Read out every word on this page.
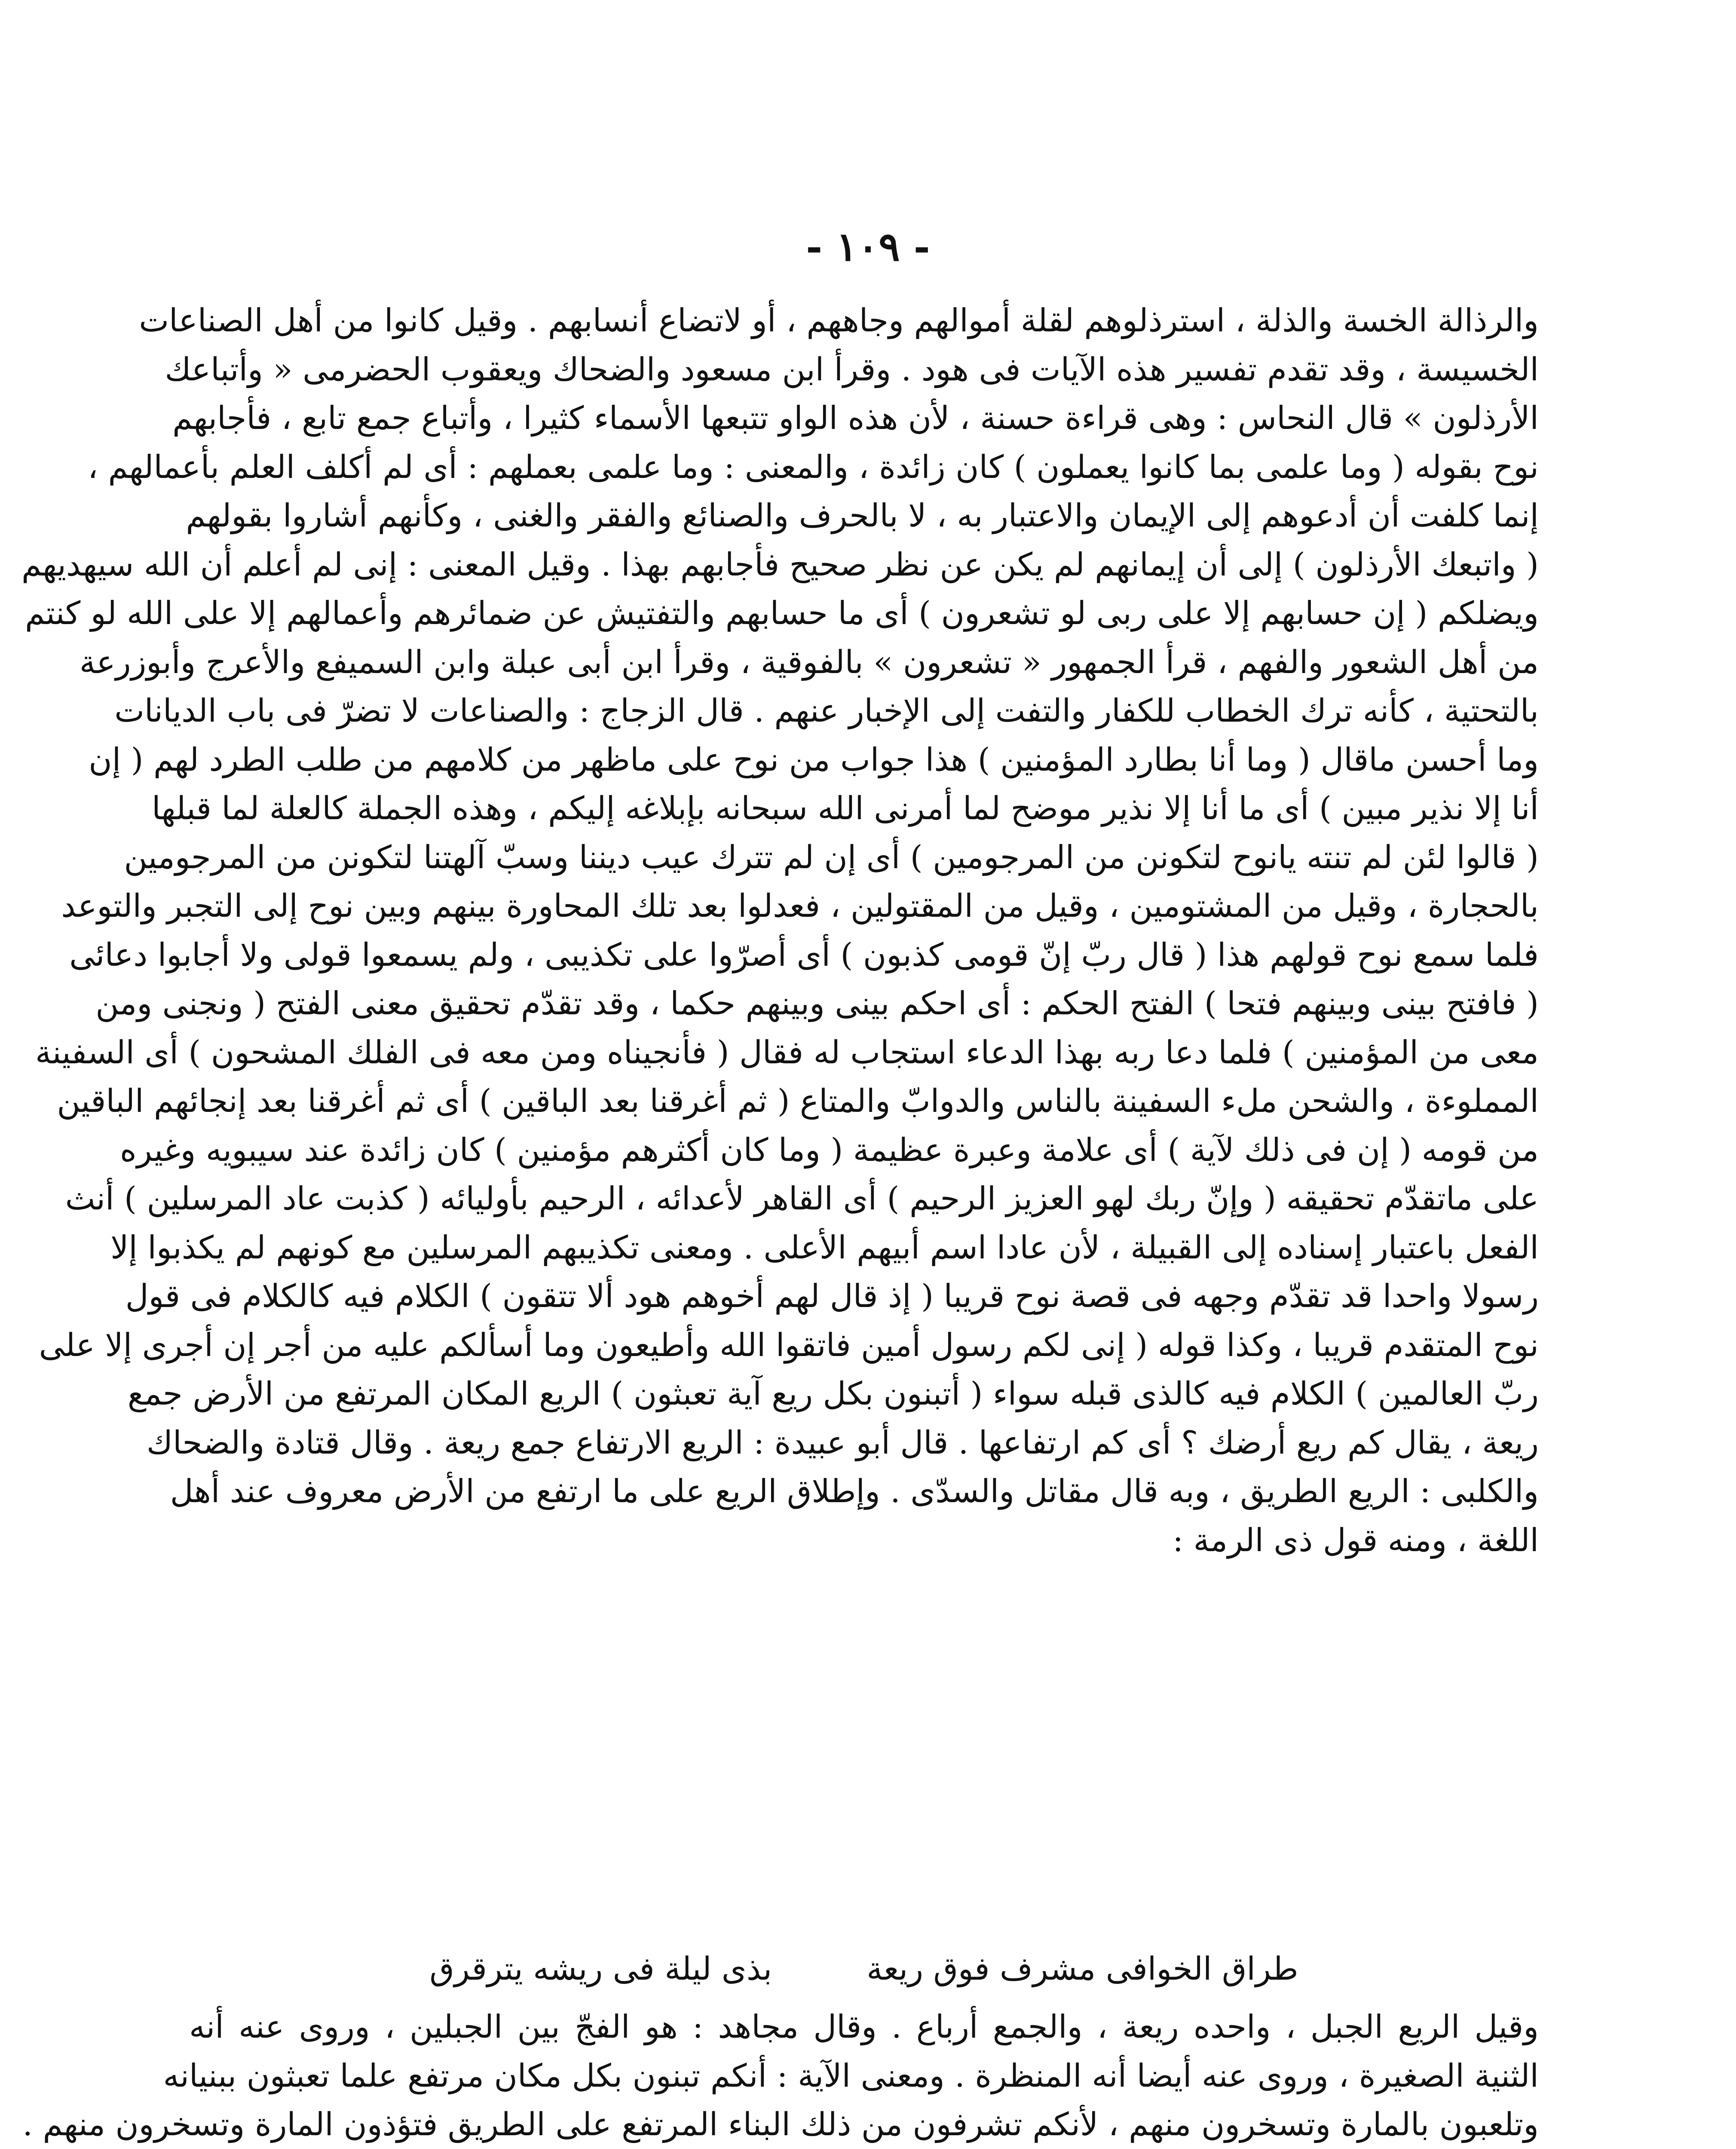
- ١٠٩ -
والرذالة الخسة والذلة ، استرذلوهم لقلة أموالهم وجاههم ، أو لاتضاع أنسابهم . وقيل كانوا من أهل الصناعات
الخسيسة ، وقد تقدم تفسير هذه الآيات فى هود . وقرأ ابن مسعود والضحاك ويعقوب الحضرمى « وأتباعك
الأرذلون » قال النحاس : وهى قراءة حسنة ، لأن هذه الواو تتبعها الأسماء كثيرا ، وأتباع جمع تابع ، فأجابهم
نوح بقوله ( وما علمى بما كانوا يعملون ) كان زائدة ، والمعنى : وما علمى بعملهم : أى لم أكلف العلم بأعمالهم ،
إنما كلفت أن أدعوهم إلى الإيمان والاعتبار به ، لا بالحرف والصنائع والفقر والغنى ، وكأنهم أشاروا بقولهم
( واتبعك الأرذلون ) إلى أن إيمانهم لم يكن عن نظر صحيح فأجابهم بهذا . وقيل المعنى : إنى لم أعلم أن الله سيهديهم
ويضلكم ( إن حسابهم إلا على ربى لو تشعرون ) أى ما حسابهم والتفتيش عن ضمائرهم وأعمالهم إلا على الله لو كنتم
من أهل الشعور والفهم ، قرأ الجمهور « تشعرون » بالفوقية ، وقرأ ابن أبى عبلة وابن السميفع والأعرج وأبوزرعة
بالتحتية ، كأنه ترك الخطاب للكفار والتفت إلى الإخبار عنهم . قال الزجاج : والصناعات لا تضرّ فى باب الديانات
وما أحسن ماقال ( وما أنا بطارد المؤمنين ) هذا جواب من نوح على ماظهر من كلامهم من طلب الطرد لهم ( إن
أنا إلا نذير مبين ) أى ما أنا إلا نذير موضح لما أمرنى الله سبحانه بإبلاغه إليكم ، وهذه الجملة كالعلة لما قبلها
( قالوا لئن لم تنته يانوح لتكونن من المرجومين ) أى إن لم تترك عيب ديننا وسبّ آلهتنا لتكونن من المرجومين
بالحجارة ، وقيل من المشتومين ، وقيل من المقتولين ، فعدلوا بعد تلك المحاورة بينهم وبين نوح إلى التجبر والتوعد
فلما سمع نوح قولهم هذا ( قال ربّ إنّ قومى كذبون ) أى أصرّوا على تكذيبى ، ولم يسمعوا قولى ولا أجابوا دعائى
( فافتح بينى وبينهم فتحا ) الفتح الحكم : أى احكم بينى وبينهم حكما ، وقد تقدّم تحقيق معنى الفتح ( ونجنى ومن
معى من المؤمنين ) فلما دعا ربه بهذا الدعاء استجاب له فقال ( فأنجيناه ومن معه فى الفلك المشحون ) أى السفينة
المملوءة ، والشحن ملء السفينة بالناس والدوابّ والمتاع ( ثم أغرقنا بعد الباقين ) أى ثم أغرقنا بعد إنجائهم الباقين
من قومه ( إن فى ذلك لآية ) أى علامة وعبرة عظيمة ( وما كان أكثرهم مؤمنين ) كان زائدة عند سيبويه وغيره
على ماتقدّم تحقيقه ( وإنّ ربك لهو العزيز الرحيم ) أى القاهر لأعدائه ، الرحيم بأوليائه ( كذبت عاد المرسلين ) أنث
الفعل باعتبار إسناده إلى القبيلة ، لأن عادا اسم أبيهم الأعلى . ومعنى تكذيبهم المرسلين مع كونهم لم يكذبوا إلا
رسولا واحدا قد تقدّم وجهه فى قصة نوح قريبا ( إذ قال لهم أخوهم هود ألا تتقون ) الكلام فيه كالكلام فى قول
نوح المتقدم قريبا ، وكذا قوله ( إنى لكم رسول أمين فاتقوا الله وأطيعون وما أسألكم عليه من أجر إن أجرى إلا على
ربّ العالمين ) الكلام فيه كالذى قبله سواء ( أتبنون بكل ريع آية تعبثون ) الريع المكان المرتفع من الأرض جمع
ريعة ، يقال كم ريع أرضك ؟ أى كم ارتفاعها . قال أبو عبيدة : الريع الارتفاع جمع ريعة . وقال قتادة والضحاك
والكلبى : الريع الطريق ، وبه قال مقاتل والسدّى . وإطلاق الريع على ما ارتفع من الأرض معروف عند أهل
اللغة ، ومنه قول ذى الرمة :
طراق الخوافى مشرف فوق ريعة
بذى ليلة فى ريشه يترقرق
وقيل الريع الجبل ، واحده ريعة ، والجمع أرباع . وقال مجاهد : هو الفجّ بين الجبلين ، وروى عنه أنه
الثنية الصغيرة ، وروى عنه أيضا أنه المنظرة . ومعنى الآية : أنكم تبنون بكل مكان مرتفع علما تعبثون ببنيانه
وتلعبون بالمارة وتسخرون منهم ، لأنكم تشرفون من ذلك البناء المرتفع على الطريق فتؤذون المارة وتسخرون منهم .
